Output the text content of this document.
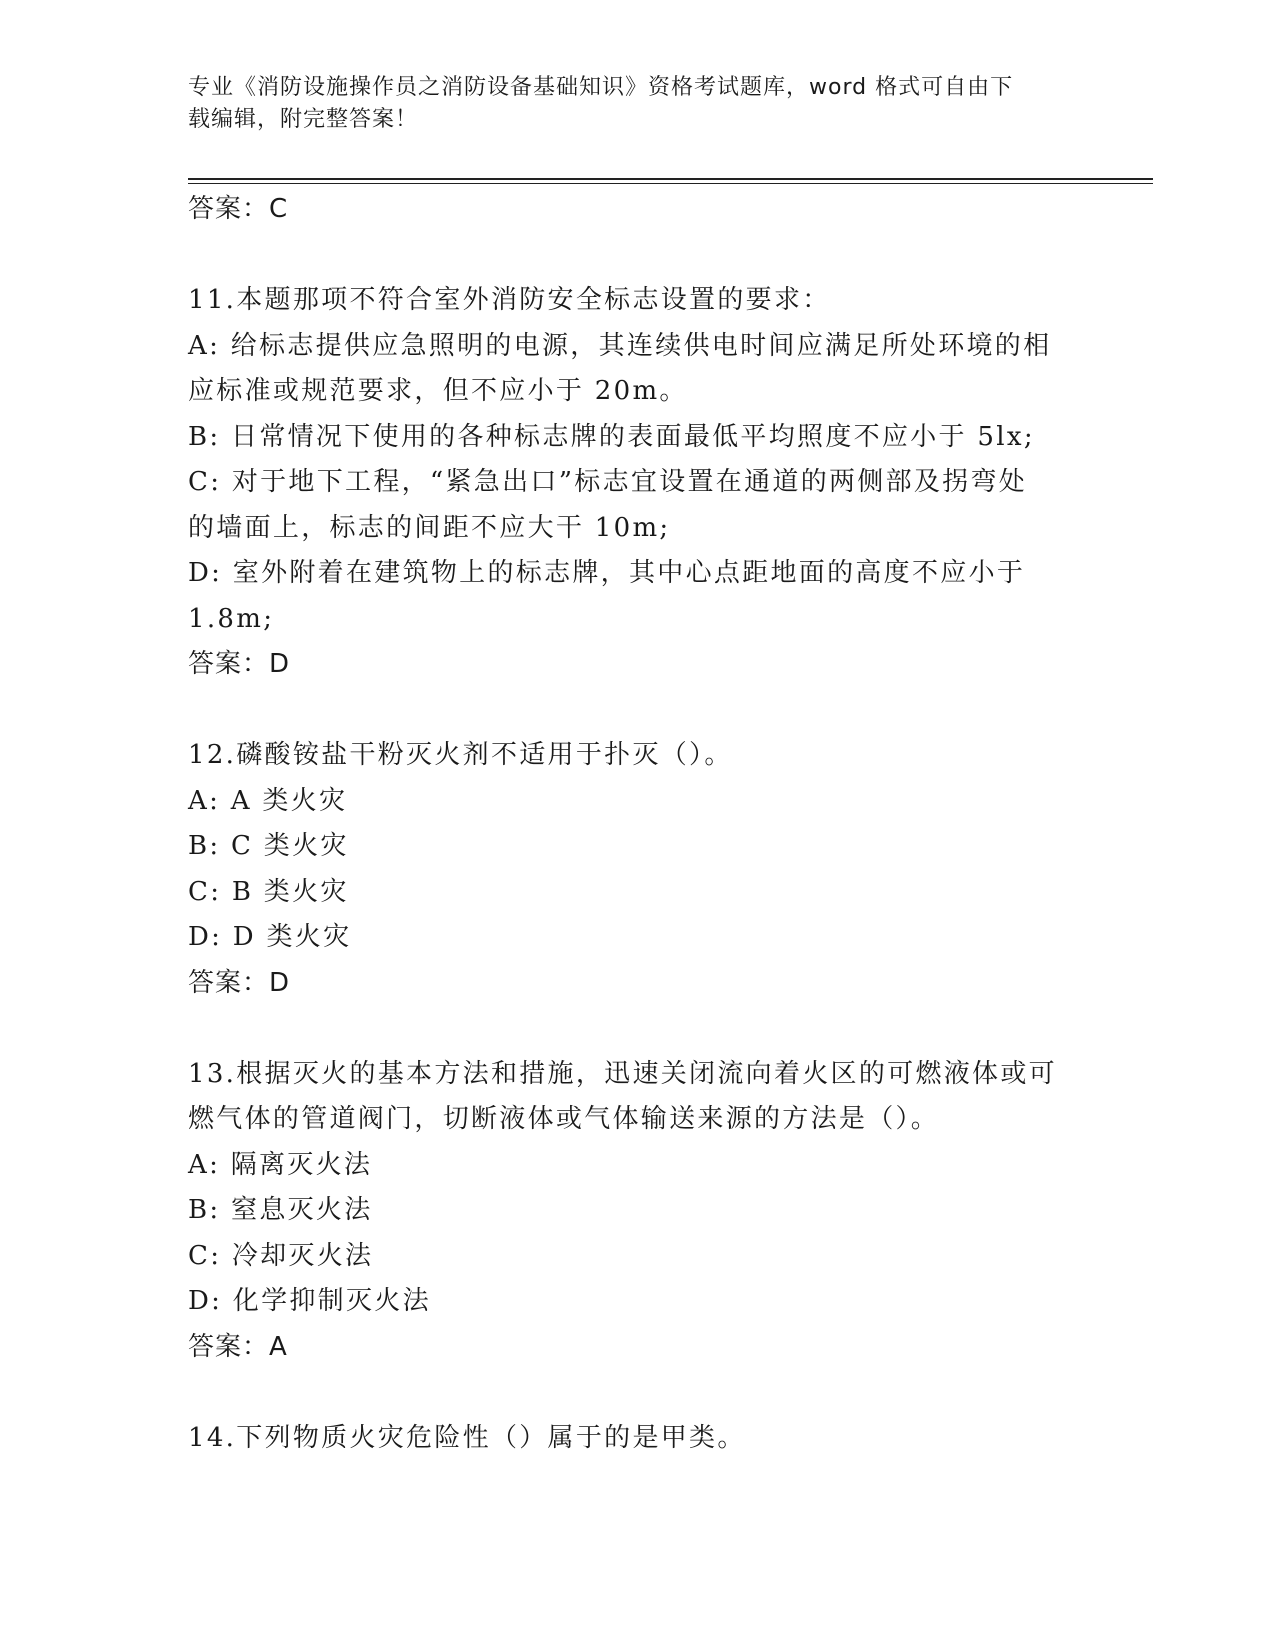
专业《消防设施操作员之消防设备基础知识》资格考试题库，word 格式可自由下
载编辑，附完整答案！
答案：C
11.本题那项不符合室外消防安全标志设置的要求：
A: 给标志提供应急照明的电源，其连续供电时间应满足所处环境的相
应标准或规范要求，但不应小于 20m。
B: 日常情况下使用的各种标志牌的表面最低平均照度不应小于 5lx;
C: 对于地下工程，“紧急出口”标志宜设置在通道的两侧部及拐弯处
的墙面上，标志的间距不应大干 10m;
D: 室外附着在建筑物上的标志牌，其中心点距地面的高度不应小于
1.8m;
答案：D
12.磷酸铵盐干粉灭火剂不适用于扑灭（）。
A: A 类火灾
B: C 类火灾
C: B 类火灾
D: D 类火灾
答案：D
13.根据灭火的基本方法和措施，迅速关闭流向着火区的可燃液体或可
燃气体的管道阀门，切断液体或气体输送来源的方法是（）。
A: 隔离灭火法
B: 窒息灭火法
C: 冷却灭火法
D: 化学抑制灭火法
答案：A
14.下列物质火灾危险性（）属于的是甲类。
